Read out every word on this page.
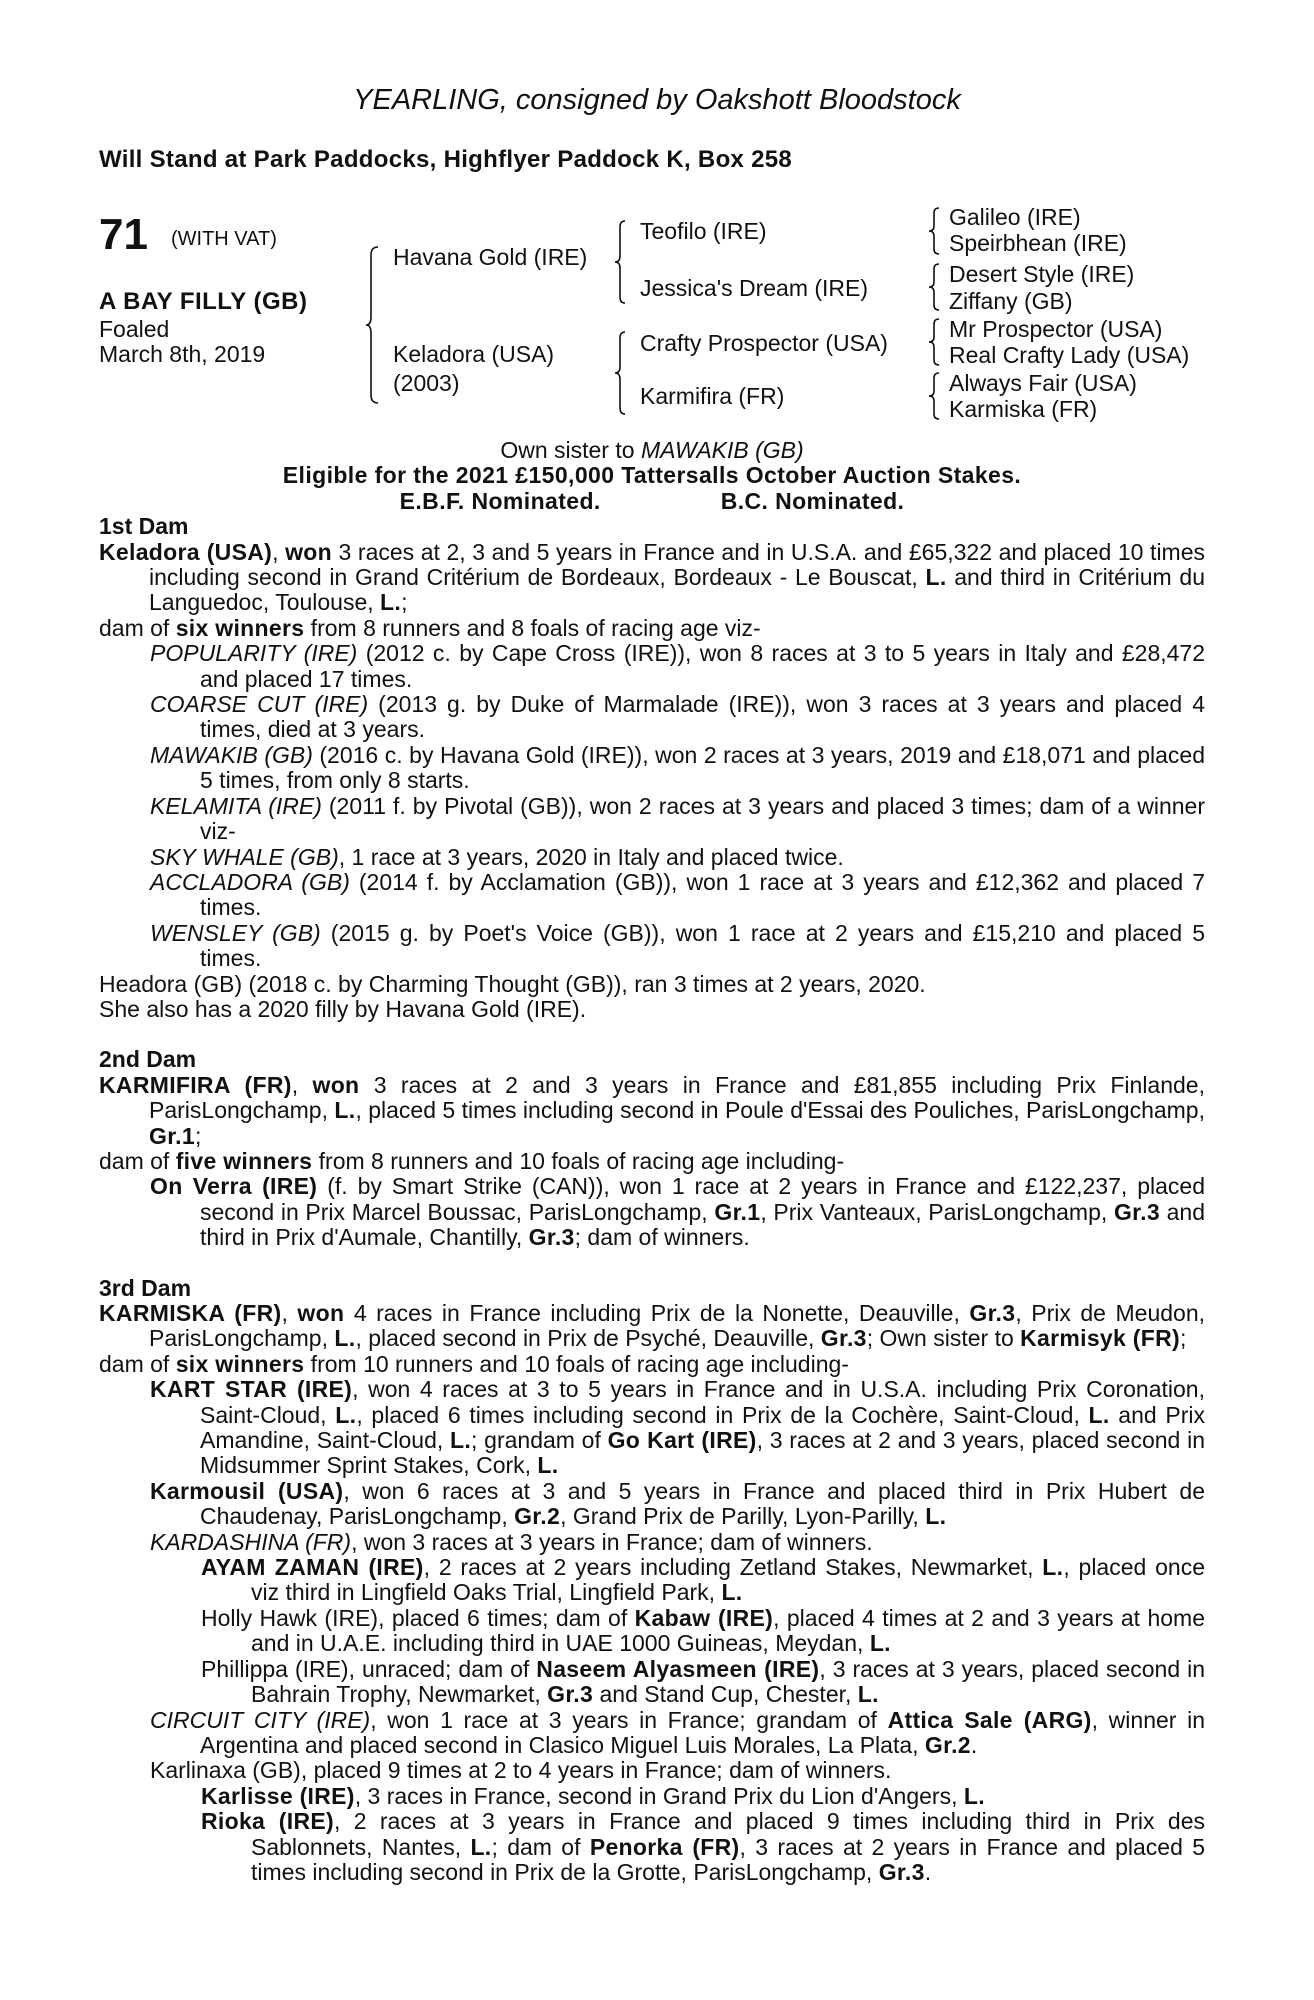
YEARLING, consigned by Oakshott Bloodstock
Will Stand at Park Paddocks, Highflyer Paddock K, Box 258
71 (WITH VAT)
A BAY FILLY (GB)
Foaled
March 8th, 2019
Havana Gold (IRE)
Keladora (USA)
(2003)
Teofilo (IRE)
Jessica's Dream (IRE)
Crafty Prospector (USA)
Karmifira (FR)
Galileo (IRE)
Speirbhean (IRE)
Desert Style (IRE)
Ziffany (GB)
Mr Prospector (USA)
Real Crafty Lady (USA)
Always Fair (USA)
Karmiska (FR)
Own sister to MAWAKIB (GB)
Eligible for the 2021 £150,000 Tattersalls October Auction Stakes.
E.B.F. Nominated.	B.C. Nominated.
1st Dam
Keladora (USA), won 3 races at 2, 3 and 5 years in France and in U.S.A. and £65,322 and placed 10 times including second in Grand Critérium de Bordeaux, Bordeaux - Le Bouscat, L. and third in Critérium du Languedoc, Toulouse, L.;
dam of six winners from 8 runners and 8 foals of racing age viz-
POPULARITY (IRE) (2012 c. by Cape Cross (IRE)), won 8 races at 3 to 5 years in Italy and £28,472 and placed 17 times.
COARSE CUT (IRE) (2013 g. by Duke of Marmalade (IRE)), won 3 races at 3 years and placed 4 times, died at 3 years.
MAWAKIB (GB) (2016 c. by Havana Gold (IRE)), won 2 races at 3 years, 2019 and £18,071 and placed 5 times, from only 8 starts.
KELAMITA (IRE) (2011 f. by Pivotal (GB)), won 2 races at 3 years and placed 3 times; dam of a winner viz-
SKY WHALE (GB), 1 race at 3 years, 2020 in Italy and placed twice.
ACCLADORA (GB) (2014 f. by Acclamation (GB)), won 1 race at 3 years and £12,362 and placed 7 times.
WENSLEY (GB) (2015 g. by Poet's Voice (GB)), won 1 race at 2 years and £15,210 and placed 5 times.
Headora (GB) (2018 c. by Charming Thought (GB)), ran 3 times at 2 years, 2020.
She also has a 2020 filly by Havana Gold (IRE).
2nd Dam
KARMIFIRA (FR), won 3 races at 2 and 3 years in France and £81,855 including Prix Finlande, ParisLongchamp, L., placed 5 times including second in Poule d'Essai des Pouliches, ParisLongchamp, Gr.1;
dam of five winners from 8 runners and 10 foals of racing age including-
On Verra (IRE) (f. by Smart Strike (CAN)), won 1 race at 2 years in France and £122,237, placed second in Prix Marcel Boussac, ParisLongchamp, Gr.1, Prix Vanteaux, ParisLongchamp, Gr.3 and third in Prix d'Aumale, Chantilly, Gr.3; dam of winners.
3rd Dam
KARMISKA (FR), won 4 races in France including Prix de la Nonette, Deauville, Gr.3, Prix de Meudon, ParisLongchamp, L., placed second in Prix de Psyché, Deauville, Gr.3; Own sister to Karmisyk (FR);
dam of six winners from 10 runners and 10 foals of racing age including-
KART STAR (IRE), won 4 races at 3 to 5 years in France and in U.S.A. including Prix Coronation, Saint-Cloud, L., placed 6 times including second in Prix de la Cochère, Saint-Cloud, L. and Prix Amandine, Saint-Cloud, L.; grandam of Go Kart (IRE), 3 races at 2 and 3 years, placed second in Midsummer Sprint Stakes, Cork, L.
Karmousil (USA), won 6 races at 3 and 5 years in France and placed third in Prix Hubert de Chaudenay, ParisLongchamp, Gr.2, Grand Prix de Parilly, Lyon-Parilly, L.
KARDASHINA (FR), won 3 races at 3 years in France; dam of winners.
AYAM ZAMAN (IRE), 2 races at 2 years including Zetland Stakes, Newmarket, L., placed once viz third in Lingfield Oaks Trial, Lingfield Park, L.
Holly Hawk (IRE), placed 6 times; dam of Kabaw (IRE), placed 4 times at 2 and 3 years at home and in U.A.E. including third in UAE 1000 Guineas, Meydan, L.
Phillippa (IRE), unraced; dam of Naseem Alyasmeen (IRE), 3 races at 3 years, placed second in Bahrain Trophy, Newmarket, Gr.3 and Stand Cup, Chester, L.
CIRCUIT CITY (IRE), won 1 race at 3 years in France; grandam of Attica Sale (ARG), winner in Argentina and placed second in Clasico Miguel Luis Morales, La Plata, Gr.2.
Karlinaxa (GB), placed 9 times at 2 to 4 years in France; dam of winners.
Karlisse (IRE), 3 races in France, second in Grand Prix du Lion d'Angers, L.
Rioka (IRE), 2 races at 3 years in France and placed 9 times including third in Prix des Sablonnets, Nantes, L.; dam of Penorka (FR), 3 races at 2 years in France and placed 5 times including second in Prix de la Grotte, ParisLongchamp, Gr.3.
